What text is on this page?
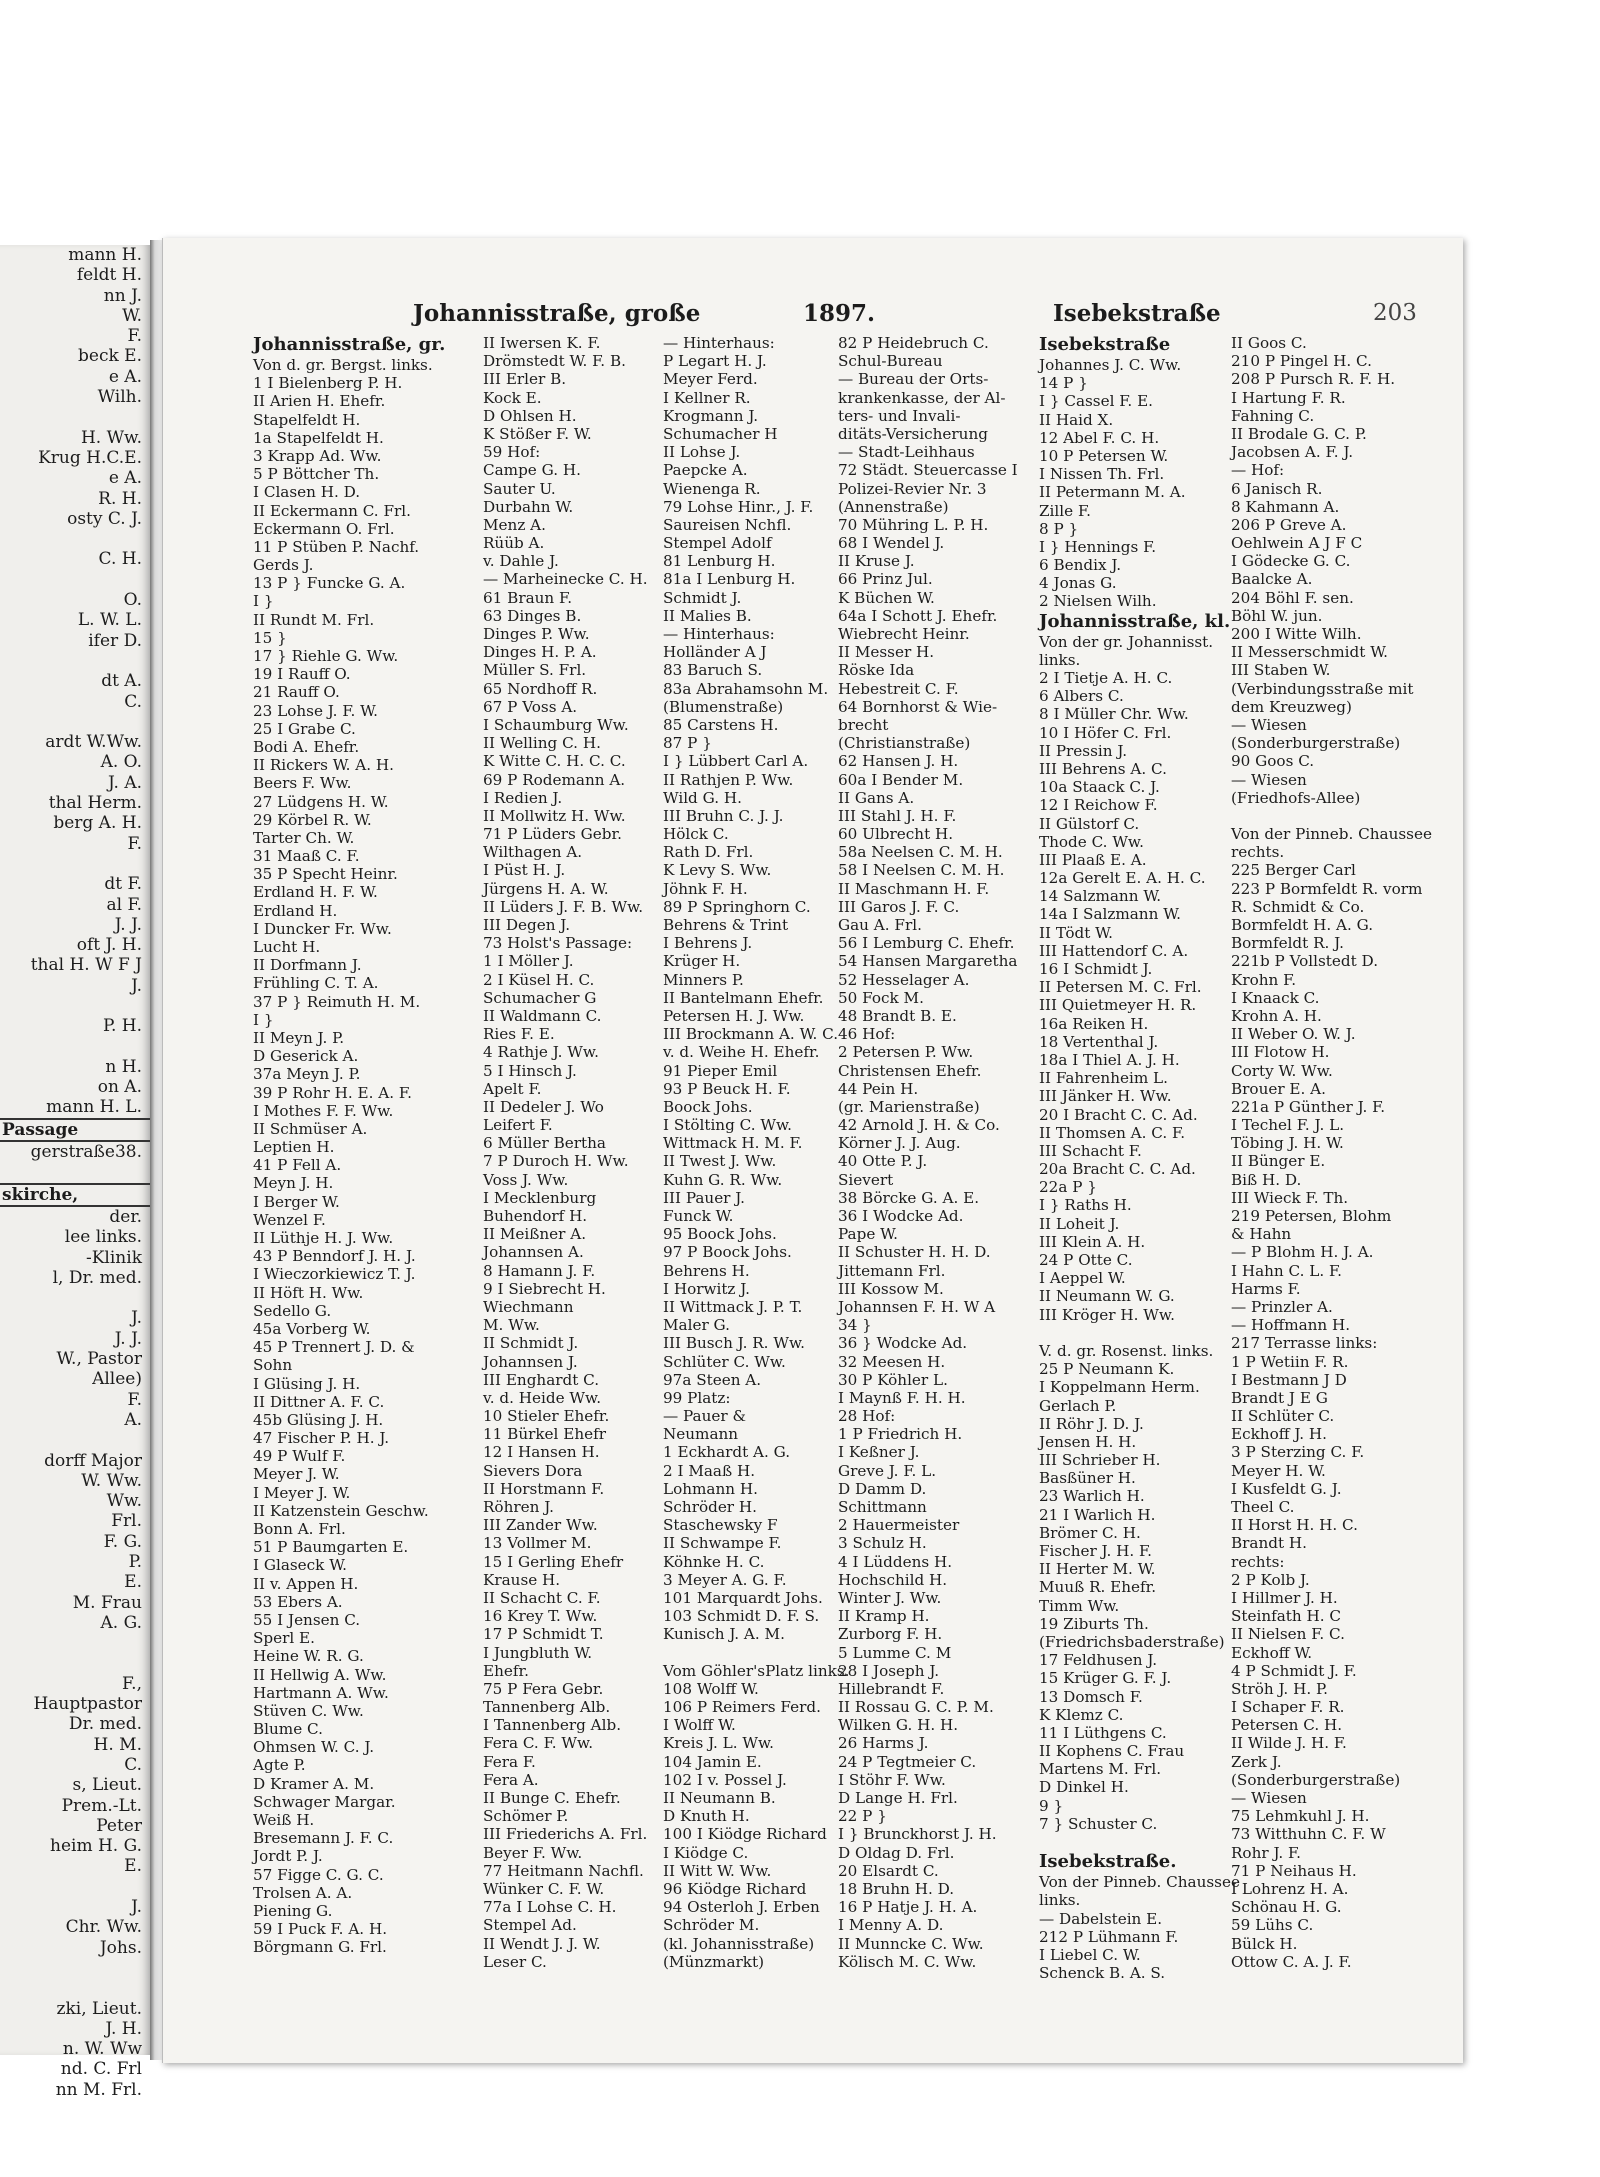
mann H.
feldt H.
nn J.
W.
F.
beck E.
e A.
Wilh.

H. Ww.
Krug H.C.E.
e A.
R. H.
osty C. J.

C. H.

O.
L. W. L.
ifer D.

dt A.
C.

ardt W.Ww.
A. O.
J. A.
thal Herm.
berg A. H.
F.

dt F.
al F.
J. J.
oft J. H.
thal H. W F J
J.

P. H.

n H.
on A.
mann H. L.
Passage
gerstraße38.

skirche,
der.
lee links.
-Klinik
l, Dr. med.

J.
J. J.
W., Pastor
Allee)
F.
A.

dorff Major
W. Ww.
Ww.
Frl.
F. G.
P.
E.
M. Frau
A. G.

F.,
Hauptpastor
Dr. med.
H. M.
C.
s, Lieut.
Prem.-Lt.
Peter
heim H. G.
E.

J.
Chr. Ww.
Johs.

zki, Lieut.
J. H.
n. W. Ww
nd. C. Frl
nn M. Frl.
Johannisstraße, große	1897.	Isebekstraße	203
Johannisstraße, gr.
Von d. gr. Bergst. links.
1 I Bielenberg P. H.
II Arien H. Ehefr.
Stapelfeldt H.
1a Stapelfeldt H.
3 Krapp Ad. Ww.
5 P Böttcher Th.
I Clasen H. D.
II Eckermann C. Frl.
Eckermann O. Frl.
11 P Stüben P. Nachf.
Gerds J.
13 P } Funcke G. A.
I }
II Rundt M. Frl.
15 }
17 } Riehle G. Ww.
19 I Rauff O.
21 Rauff O.
23 Lohse J. F. W.
25 I Grabe C.
Bodi A. Ehefr.
II Rickers W. A. H.
Beers F. Ww.
27 Lüdgens H. W.
29 Körbel R. W.
Tarter Ch. W.
31 Maaß C. F.
35 P Specht Heinr.
Erdland H. F. W.
Erdland H.
I Duncker Fr. Ww.
Lucht H.
II Dorfmann J.
Frühling C. T. A.
37 P } Reimuth H. M.
I }
II Meyn J. P.
D Geserick A.
37a Meyn J. P.
39 P Rohr H. E. A. F.
I Mothes F. F. Ww.
II Schmüser A.
Leptien H.
41 P Fell A.
Meyn J. H.
I Berger W.
Wenzel F.
II Lüthje H. J. Ww.
43 P Benndorf J. H. J.
I Wieczorkiewicz T. J.
II Höft H. Ww.
Sedello G.
45a Vorberg W.
45 P Trennert J. D. &
Sohn
I Glüsing J. H.
II Dittner A. F. C.
45b Glüsing J. H.
47 Fischer P. H. J.
49 P Wulf F.
Meyer J. W.
I Meyer J. W.
II Katzenstein Geschw.
Bonn A. Frl.
51 P Baumgarten E.
I Glaseck W.
II v. Appen H.
53 Ebers A.
55 I Jensen C.
Sperl E.
Heine W. R. G.
II Hellwig A. Ww.
Hartmann A. Ww.
Stüven C. Ww.
Blume C.
Ohmsen W. C. J.
Agte P.
D Kramer A. M.
Schwager Margar.
Weiß H.
Bresemann J. F. C.
Jordt P. J.
57 Figge C. G. C.
Trolsen A. A.
Piening G.
59 I Puck F. A. H.
Börgmann G. Frl.
II Iwersen K. F.
Drömstedt W. F. B.
III Erler B.
Kock E.
D Ohlsen H.
K Stößer F. W.
59 Hof:
Campe G. H.
Sauter U.
Durbahn W.
Menz A.
Rüüb A.
v. Dahle J.
— Marheinecke C. H.
61 Braun F.
63 Dinges B.
Dinges P. Ww.
Dinges H. P. A.
Müller S. Frl.
65 Nordhoff R.
67 P Voss A.
I Schaumburg Ww.
II Welling C. H.
K Witte C. H. C. C.
69 P Rodemann A.
I Redien J.
II Mollwitz H. Ww.
71 P Lüders Gebr.
Wilthagen A.
I Püst H. J.
Jürgens H. A. W.
II Lüders J. F. B. Ww.
III Degen J.
73 Holst's Passage:
1 I Möller J.
2 I Küsel H. C.
Schumacher G
II Waldmann C.
Ries F. E.
4 Rathje J. Ww.
5 I Hinsch J.
Apelt F.
II Dedeler J. Wo
Leifert F.
6 Müller Bertha
7 P Duroch H. Ww.
Voss J. Ww.
I Mecklenburg
Buhendorf H.
II Meißner A.
Johannsen A.
8 Hamann J. F.
9 I Siebrecht H.
Wiechmann
M. Ww.
II Schmidt J.
Johannsen J.
III Enghardt C.
v. d. Heide Ww.
10 Stieler Ehefr.
11 Bürkel Ehefr
12 I Hansen H.
Sievers Dora
II Horstmann F.
Röhren J.
III Zander Ww.
13 Vollmer M.
15 I Gerling Ehefr
Krause H.
II Schacht C. F.
16 Krey T. Ww.
17 P Schmidt T.
I Jungbluth W.
Ehefr.
75 P Fera Gebr.
Tannenberg Alb.
I Tannenberg Alb.
Fera C. F. Ww.
Fera F.
Fera A.
II Bunge C. Ehefr.
Schömer P.
III Friederichs A. Frl.
Beyer F. Ww.
77 Heitmann Nachfl.
Wünker C. F. W.
77a I Lohse C. H.
Stempel Ad.
II Wendt J. J. W.
Leser C.
— Hinterhaus:
P Legart H. J.
Meyer Ferd.
I Kellner R.
Krogmann J.
Schumacher H
II Lohse J.
Paepcke A.
Wienenga R.
79 Lohse Hinr., J. F.
Saureisen Nchfl.
Stempel Adolf
81 Lenburg H.
81a I Lenburg H.
Schmidt J.
II Malies B.
— Hinterhaus:
Holländer A J
83 Baruch S.
83a Abrahamsohn M.
(Blumenstraße)
85 Carstens H.
87 P }
I } Lübbert Carl A.
II Rathjen P. Ww.
Wild G. H.
III Bruhn C. J. J.
Hölck C.
Rath D. Frl.
K Levy S. Ww.
Jöhnk F. H.
89 P Springhorn C.
Behrens & Trint
I Behrens J.
Krüger H.
Minners P.
II Bantelmann Ehefr.
Petersen H. J. Ww.
III Brockmann A. W. C.
v. d. Weihe H. Ehefr.
91 Pieper Emil
93 P Beuck H. F.
Boock Johs.
I Stölting C. Ww.
Wittmack H. M. F.
II Twest J. Ww.
Kuhn G. R. Ww.
III Pauer J.
Funck W.
95 Boock Johs.
97 P Boock Johs.
Behrens H.
I Horwitz J.
II Wittmack J. P. T.
Maler G.
III Busch J. R. Ww.
Schlüter C. Ww.
97a Steen A.
99 Platz:
— Pauer &
Neumann
1 Eckhardt A. G.
2 I Maaß H.
Lohmann H.
Schröder H.
Staschewsky F
II Schwampe F.
Köhnke H. C.
3 Meyer A. G. F.
101 Marquardt Johs.
103 Schmidt D. F. S.
Kunisch J. A. M.

Vom Göhler'sPlatz links.
108 Wolff W.
106 P Reimers Ferd.
I Wolff W.
Kreis J. L. Ww.
104 Jamin E.
102 I v. Possel J.
II Neumann B.
D Knuth H.
100 I Kiödge Richard
I Kiödge C.
II Witt W. Ww.
96 Kiödge Richard
94 Osterloh J. Erben
Schröder M.
(kl. Johannisstraße)
(Münzmarkt)
82 P Heidebruch C.
Schul-Bureau
— Bureau der Orts-
krankenkasse, der Al-
ters- und Invali-
ditäts-Versicherung
— Stadt-Leihhaus
72 Städt. Steuercasse I
Polizei-Revier Nr. 3
(Annenstraße)
70 Mühring L. P. H.
68 I Wendel J.
II Kruse J.
66 Prinz Jul.
K Büchen W.
64a I Schott J. Ehefr.
Wiebrecht Heinr.
II Messer H.
Röske Ida
Hebestreit C. F.
64 Bornhorst & Wie-
brecht
(Christianstraße)
62 Hansen J. H.
60a I Bender M.
II Gans A.
III Stahl J. H. F.
60 Ulbrecht H.
58a Neelsen C. M. H.
58 I Neelsen C. M. H.
II Maschmann H. F.
III Garos J. F. C.
Gau A. Frl.
56 I Lemburg C. Ehefr.
54 Hansen Margaretha
52 Hesselager A.
50 Fock M.
48 Brandt B. E.
46 Hof:
2 Petersen P. Ww.
Christensen Ehefr.
44 Pein H.
(gr. Marienstraße)
42 Arnold J. H. & Co.
Körner J. J. Aug.
40 Otte P. J.
Sievert
38 Börcke G. A. E.
36 I Wodcke Ad.
Pape W.
II Schuster H. H. D.
Jittemann Frl.
III Kossow M.
Johannsen F. H. W A
34 }
36 } Wodcke Ad.
32 Meesen H.
30 P Köhler L.
I Maynß F. H. H.
28 Hof:
1 P Friedrich H.
I Keßner J.
Greve J. F. L.
D Damm D.
Schittmann
2 Hauermeister
3 Schulz H.
4 I Lüddens H.
Hochschild H.
Winter J. Ww.
II Kramp H.
Zurborg F. H.
5 Lumme C. M
28 I Joseph J.
Hillebrandt F.
II Rossau G. C. P. M.
Wilken G. H. H.
26 Harms J.
24 P Tegtmeier C.
I Stöhr F. Ww.
D Lange H. Frl.
22 P }
I } Brunckhorst J. H.
D Oldag D. Frl.
20 Elsardt C.
18 Bruhn H. D.
16 P Hatje J. H. A.
I Menny A. D.
II Munncke C. Ww.
Kölisch M. C. Ww.
Isebekstraße
Johannes J. C. Ww.
14 P }
I } Cassel F. E.
II Haid X.
12 Abel F. C. H.
10 P Petersen W.
I Nissen Th. Frl.
II Petermann M. A.
Zille F.
8 P }
I } Hennings F.
6 Bendix J.
4 Jonas G.
2 Nielsen Wilh.
Johannisstraße, kl.
Von der gr. Johannisst.
links.
2 I Tietje A. H. C.
6 Albers C.
8 I Müller Chr. Ww.
10 I Höfer C. Frl.
II Pressin J.
III Behrens A. C.
10a Staack C. J.
12 I Reichow F.
II Gülstorf C.
Thode C. Ww.
III Plaaß E. A.
12a Gerelt E. A. H. C.
14 Salzmann W.
14a I Salzmann W.
II Tödt W.
III Hattendorf C. A.
16 I Schmidt J.
II Petersen M. C. Frl.
III Quietmeyer H. R.
16a Reiken H.
18 Vertenthal J.
18a I Thiel A. J. H.
II Fahrenheim L.
III Jänker H. Ww.
20 I Bracht C. C. Ad.
II Thomsen A. C. F.
III Schacht F.
20a Bracht C. C. Ad.
22a P }
I } Raths H.
II Loheit J.
III Klein A. H.
24 P Otte C.
I Aeppel W.
II Neumann W. G.
III Kröger H. Ww.

V. d. gr. Rosenst. links.
25 P Neumann K.
I Koppelmann Herm.
Gerlach P.
II Röhr J. D. J.
Jensen H. H.
III Schrieber H.
Basßüner H.
23 Warlich H.
21 I Warlich H.
Brömer C. H.
Fischer J. H. F.
II Herter M. W.
Muuß R. Ehefr.
Timm Ww.
19 Ziburts Th.
(Friedrichsbaderstraße)
17 Feldhusen J.
15 Krüger G. F. J.
13 Domsch F.
K Klemz C.
11 I Lüthgens C.
II Kophens C. Frau
Martens M. Frl.
D Dinkel H.
9 }
7 } Schuster C.

Isebekstraße.
Von der Pinneb. Chaussee
links.
— Dabelstein E.
212 P Lühmann F.
I Liebel C. W.
Schenck B. A. S.
II Goos C.
210 P Pingel H. C.
208 P Pursch R. F. H.
I Hartung F. R.
Fahning C.
II Brodale G. C. P.
Jacobsen A. F. J.
— Hof:
6 Janisch R.
8 Kahmann A.
206 P Greve A.
Oehlwein A J F C
I Gödecke G. C.
Baalcke A.
204 Böhl F. sen.
Böhl W. jun.
200 I Witte Wilh.
II Messerschmidt W.
III Staben W.
(Verbindungsstraße mit
dem Kreuzweg)
— Wiesen
(Sonderburgerstraße)
90 Goos C.
— Wiesen
(Friedhofs-Allee)

Von der Pinneb. Chaussee
rechts.
225 Berger Carl
223 P Bormfeldt R. vorm
R. Schmidt & Co.
Bormfeldt H. A. G.
Bormfeldt R. J.
221b P Vollstedt D.
Krohn F.
I Knaack C.
Krohn A. H.
II Weber O. W. J.
III Flotow H.
Corty W. Ww.
Brouer E. A.
221a P Günther J. F.
I Techel F. J. L.
Töbing J. H. W.
II Bünger E.
Biß H. D.
III Wieck F. Th.
219 Petersen, Blohm
& Hahn
— P Blohm H. J. A.
I Hahn C. L. F.
Harms F.
— Prinzler A.
— Hoffmann H.
217 Terrasse links:
1 P Wetiin F. R.
I Bestmann J D
Brandt J E G
II Schlüter C.
Eckhoff J. H.
3 P Sterzing C. F.
Meyer H. W.
I Kusfeldt G. J.
Theel C.
II Horst H. H. C.
Brandt H.
rechts:
2 P Kolb J.
I Hillmer J. H.
Steinfath H. C
II Nielsen F. C.
Eckhoff W.
4 P Schmidt J. F.
Ströh J. H. P.
I Schaper F. R.
Petersen C. H.
II Wilde J. H. F.
Zerk J.
(Sonderburgerstraße)
— Wiesen
75 Lehmkuhl J. H.
73 Witthuhn C. F. W
Rohr J. F.
71 P Neihaus H.
I Lohrenz H. A.
Schönau H. G.
59 Lühs C.
Bülck H.
Ottow C. A. J. F.
